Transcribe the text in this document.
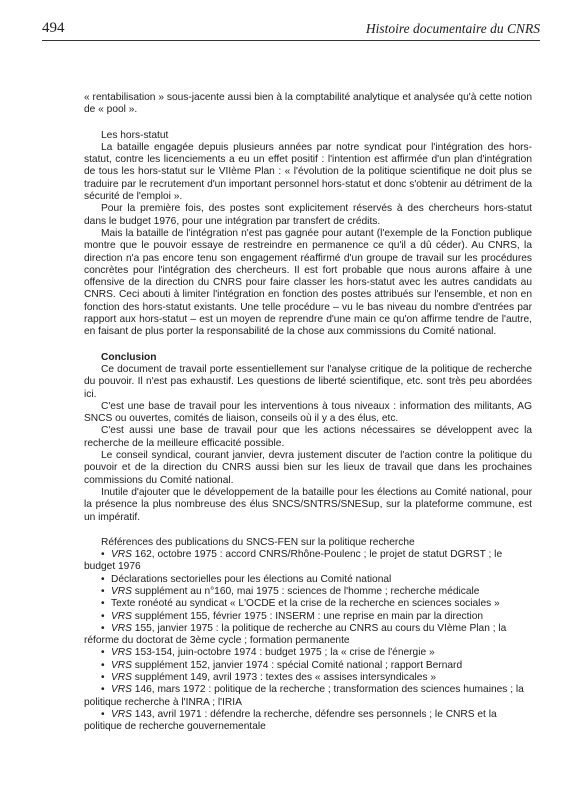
494	Histoire documentaire du CNRS

« rentabilisation » sous-jacente aussi bien à la comptabilité analytique et analysée qu'à cette notion de « pool ».

Les hors-statut

La bataille engagée depuis plusieurs années par notre syndicat pour l'intégration des hors-statut, contre les licenciements a eu un effet positif : l'intention est affirmée d'un plan d'intégration de tous les hors-statut sur le VIIème Plan : « l'évolution de la politique scientifique ne doit plus se traduire par le recrutement d'un important personnel hors-statut et donc s'obtenir au détriment de la sécurité de l'emploi ».

Pour la première fois, des postes sont explicitement réservés à des chercheurs hors-statut dans le budget 1976, pour une intégration par transfert de crédits.

Mais la bataille de l'intégration n'est pas gagnée pour autant (l'exemple de la Fonction publique montre que le pouvoir essaye de restreindre en permanence ce qu'il a dû céder). Au CNRS, la direction n'a pas encore tenu son engagement réaffirmé d'un groupe de travail sur les procédures concrètes pour l'intégration des chercheurs. Il est fort probable que nous aurons affaire à une offensive de la direction du CNRS pour faire classer les hors-statut avec les autres candidats au CNRS. Ceci abouti à limiter l'intégration en fonction des postes attribués sur l'ensemble, et non en fonction des hors-statut existants. Une telle procédure – vu le bas niveau du nombre d'entrées par rapport aux hors-statut – est un moyen de reprendre d'une main ce qu'on affirme tendre de l'autre, en faisant de plus porter la responsabilité de la chose aux commissions du Comité national.

Conclusion

Ce document de travail porte essentiellement sur l'analyse critique de la politique de recherche du pouvoir. Il n'est pas exhaustif. Les questions de liberté scientifique, etc. sont très peu abordées ici.

C'est une base de travail pour les interventions à tous niveaux : information des militants, AG SNCS ou ouvertes, comités de liaison, conseils où il y a des élus, etc.

C'est aussi une base de travail pour que les actions nécessaires se développent avec la recherche de la meilleure efficacité possible.

Le conseil syndical, courant janvier, devra justement discuter de l'action contre la politique du pouvoir et de la direction du CNRS aussi bien sur les lieux de travail que dans les prochaines commissions du Comité national.

Inutile d'ajouter que le développement de la bataille pour les élections au Comité national, pour la présence la plus nombreuse des élus SNCS/SNTRS/SNESup, sur la plateforme commune, est un impératif.

Références des publications du SNCS-FEN sur la politique recherche

• VRS 162, octobre 1975 : accord CNRS/Rhône-Poulenc ; le projet de statut DGRST ; le budget 1976

• Déclarations sectorielles pour les élections au Comité national

• VRS supplément au n°160, mai 1975 : sciences de l'homme ; recherche médicale

• Texte ronéoté au syndicat « L'OCDE et la crise de la recherche en sciences sociales »

• VRS supplément 155, février 1975 : INSERM : une reprise en main par la direction

• VRS 155, janvier 1975 : la politique de recherche au CNRS au cours du VIème Plan ; la réforme du doctorat de 3ème cycle ; formation permanente

• VRS 153-154, juin-octobre 1974 : budget 1975 ; la « crise de l'énergie »

• VRS supplément 152, janvier 1974 : spécial Comité national ; rapport Bernard

• VRS supplément 149, avril 1973 : textes des « assises intersyndicales »

• VRS 146, mars 1972 : politique de la recherche ; transformation des sciences humaines ; la politique recherche à l'INRA ; l'IRIA

• VRS 143, avril 1971 : défendre la recherche, défendre ses personnels ; le CNRS et la politique de recherche gouvernementale
